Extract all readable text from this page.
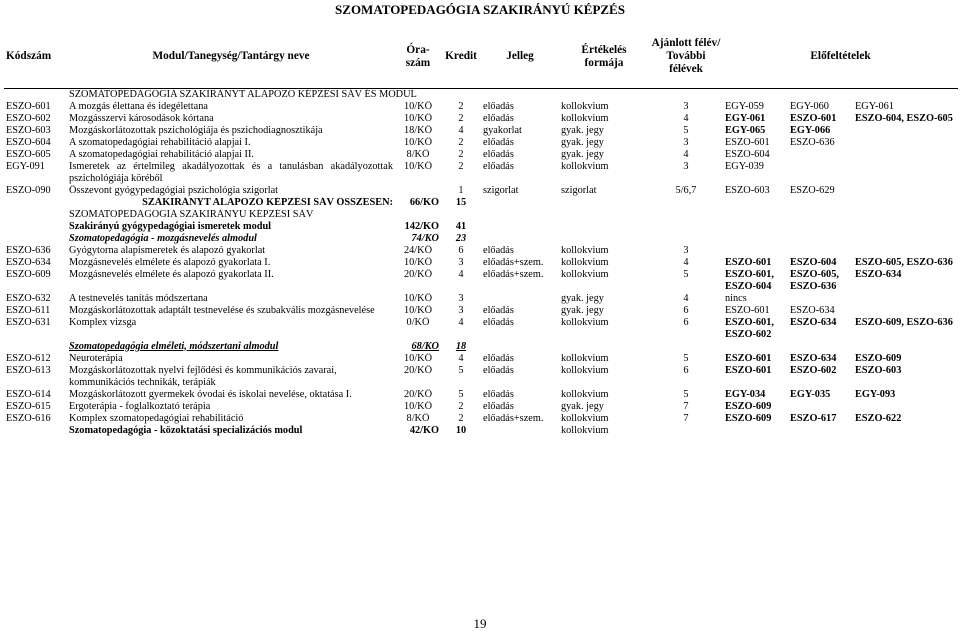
SZOMATOPEDAGÓGIA SZAKIRÁNYÚ KÉPZÉS
Kódszám	Modul/Tanegység/Tantárgy neve	Óra-szám	Kredit	Jelleg	Értékelés formája	Ajánlott félév/ További félévek	Előfeltételek		
	SZOMATOPEDAGÓGIA SZAKIRÁNYT ALAPOZÓ KÉPZÉSI SÁV ÉS MODUL								
ESZO-601	A mozgás élettana és idegélettana	10/KÖ	2	előadás	kollokvium	3	EGY-059	EGY-060	EGY-061
ESZO-602	Mozgásszervi károsodások kórtana	10/KÖ	2	előadás	kollokvium	4	EGY-061	ESZO-601	ESZO-604, ESZO-605
ESZO-603	Mozgáskorlátozottak pszichológiája és pszichodiagnosztikája	18/KÖ	4	gyakorlat	gyak. jegy	5	EGY-065	EGY-066	
ESZO-604	A szomatopedagógiai rehabilitáció alapjai I.	10/KÖ	2	előadás	gyak. jegy	3	ESZO-601	ESZO-636	
ESZO-605	A szomatopedagógiai rehabilitáció alapjai II.	8/KÖ	2	előadás	gyak. jegy	4	ESZO-604		
EGY-091	Ismeretek az értelmileg akadályozottak és a tanulásban akadályozottak pszichológiája köréből	10/KÖ	2	előadás	kollokvium	3	EGY-039		
ESZO-090	Összevont gyógypedagógiai pszichológia szigorlat		1	szigorlat	szigorlat	5/6,7	ESZO-603	ESZO-629	
	SZAKIRÁNYT ALAPOZÓ KÉPZÉSI SÁV ÖSSZESEN:	66/KÖ	15						
	SZOMATOPEDAGÓGIA SZAKIRÁNYÚ KÉPZÉSI SÁV								
	Szakirányú gyógypedagógiai ismeretek modul	142/KÖ	41						
	Szomatopedagógia - mozgásnevelés almodul	74/KÖ	23						
ESZO-636	Gyógytorna alapismeretek és alapozó gyakorlat	24/KÖ	6	előadás	kollokvium	3			
ESZO-634	Mozgásnevelés elmélete és alapozó gyakorlata I.	10/KÖ	3	előadás+szem.	kollokvium	4	ESZO-601	ESZO-604	ESZO-605, ESZO-636
ESZO-609	Mozgásnevelés elmélete és alapozó gyakorlata II.	20/KÖ	4	előadás+szem.	kollokvium	5	ESZO-601, ESZO-604	ESZO-605, ESZO-636	ESZO-634
ESZO-632	A testnevelés tanítás módszertana	10/KÖ	3		gyak. jegy	4	nincs		
ESZO-611	Mozgáskorlátozottak adaptált testnevelése és szubakvális mozgásnevelése	10/KÖ	3	előadás	gyak. jegy	6	ESZO-601	ESZO-634	
ESZO-631	Komplex vizsga	0/KÖ	4	előadás	kollokvium	6	ESZO-601, ESZO-602	ESZO-634	ESZO-609, ESZO-636

	Szomatopedagógia elméleti, módszertani almodul	68/KÖ	18						
ESZO-612	Neuroterápia	10/KÖ	4	előadás	kollokvium	5	ESZO-601	ESZO-634	ESZO-609
ESZO-613	Mozgáskorlátozottak nyelvi fejlődési és kommunikációs zavarai, kommunikációs technikák, terápiák	20/KÖ	5	előadás	kollokvium	6	ESZO-601	ESZO-602	ESZO-603
ESZO-614	Mozgáskorlátozott gyermekek óvodai és iskolai nevelése, oktatása I.	20/KÖ	5	előadás	kollokvium	5	EGY-034	EGY-035	EGY-093
ESZO-615	Ergoterápia - foglalkoztató terápia	10/KÖ	2	előadás	gyak. jegy	7	ESZO-609		
ESZO-616	Komplex szomatopedagógiai rehabilitáció	8/KÖ	2	előadás+szem.	kollokvium	7	ESZO-609	ESZO-617	ESZO-622
	Szomatopedagógia - közoktatási specializációs modul	42/KÖ	10		kollokvium				
19
